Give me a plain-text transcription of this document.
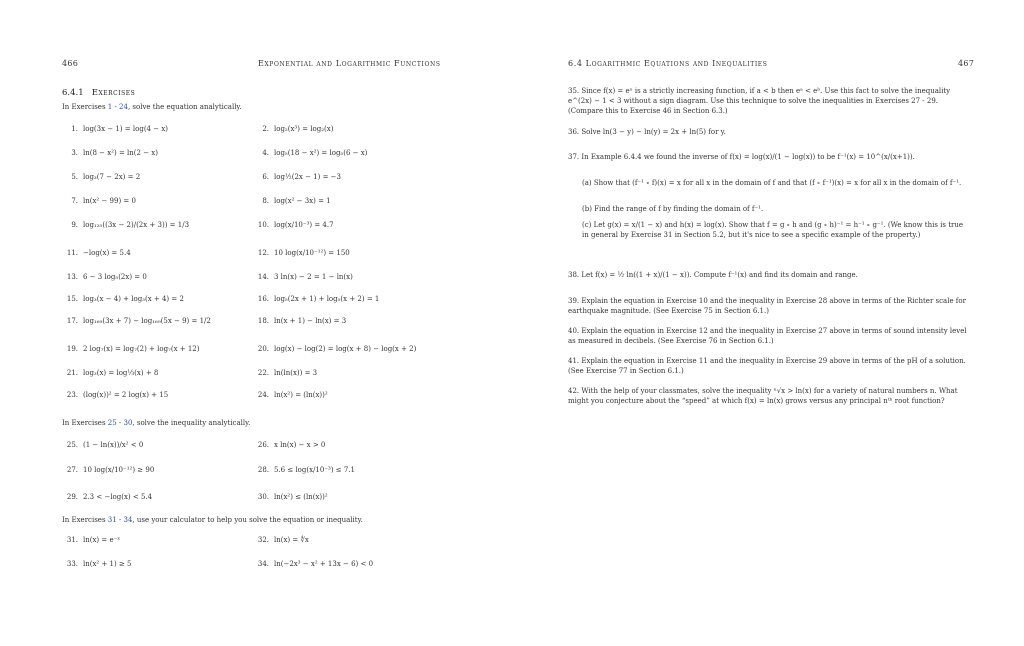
466	Exponential and Logarithmic Functions
6.4.1 Exercises
In Exercises 1 - 24, solve the equation analytically.
1. log(3x − 1) = log(4 − x)	2. log₂(x³) = log₂(x)
3. ln(8 − x²) = ln(2 − x)	4. log₅(18 − x²) = log₅(6 − x)
5. log₃(7 − 2x) = 2	6. log½(2x − 1) = −3
7. ln(x² − 99) = 0	8. log(x² − 3x) = 1
9. log₁₂₅((3x − 2)/(2x + 3)) = 1/3	10. log(x/10⁻³) = 4.7
11. −log(x) = 5.4	12. 10 log(x/10⁻¹²) = 150
13. 6 − 3 log₅(2x) = 0	14. 3 ln(x) − 2 = 1 − ln(x)
15. log₃(x − 4) + log₃(x + 4) = 2	16. log₅(2x + 1) + log₅(x + 2) = 1
17. log₁₆₉(3x + 7) − log₁₆₉(5x − 9) = 1/2	18. ln(x + 1) − ln(x) = 3
19. 2 log₇(x) = log₇(2) + log₇(x + 12)	20. log(x) − log(2) = log(x + 8) − log(x + 2)
21. log₃(x) = log⅓(x) + 8	22. ln(ln(x)) = 3
23. (log(x))² = 2 log(x) + 15	24. ln(x²) = (ln(x))²
In Exercises 25 - 30, solve the inequality analytically.
25. (1 − ln(x))/x² < 0	26. x ln(x) − x > 0
27. 10 log(x/10⁻¹²) ≥ 90	28. 5.6 ≤ log(x/10⁻³) ≤ 7.1
29. 2.3 < −log(x) < 5.4	30. ln(x²) ≤ (ln(x))²
In Exercises 31 - 34, use your calculator to help you solve the equation or inequality.
31. ln(x) = e⁻ˣ	32. ln(x) = ∜x
33. ln(x² + 1) ≥ 5	34. ln(−2x³ − x² + 13x − 6) < 0
6.4 Logarithmic Equations and Inequalities	467
35. Since f(x) = eˣ is a strictly increasing function, if a < b then eᵃ < eᵇ. Use this fact to solve the inequality e^(2x) − 1 < 3 without a sign diagram. Use this technique to solve the inequalities in Exercises 27 - 29. (Compare this to Exercise 46 in Section 6.3.)
36. Solve ln(3 − y) − ln(y) = 2x + ln(5) for y.
37. In Example 6.4.4 we found the inverse of f(x) = log(x)/(1 − log(x)) to be f⁻¹(x) = 10^(x/(x+1)).
(a) Show that (f⁻¹ ∘ f)(x) = x for all x in the domain of f and that (f ∘ f⁻¹)(x) = x for all x in the domain of f⁻¹.
(b) Find the range of f by finding the domain of f⁻¹.
(c) Let g(x) = x/(1 − x) and h(x) = log(x). Show that f = g ∘ h and (g ∘ h)⁻¹ = h⁻¹ ∘ g⁻¹. (We know this is true in general by Exercise 31 in Section 5.2, but it's nice to see a specific example of the property.)
38. Let f(x) = ½ ln((1 + x)/(1 − x)). Compute f⁻¹(x) and find its domain and range.
39. Explain the equation in Exercise 10 and the inequality in Exercise 28 above in terms of the Richter scale for earthquake magnitude. (See Exercise 75 in Section 6.1.)
40. Explain the equation in Exercise 12 and the inequality in Exercise 27 above in terms of sound intensity level as measured in decibels. (See Exercise 76 in Section 6.1.)
41. Explain the equation in Exercise 11 and the inequality in Exercise 29 above in terms of the pH of a solution. (See Exercise 77 in Section 6.1.)
42. With the help of your classmates, solve the inequality ⁿ√x > ln(x) for a variety of natural numbers n. What might you conjecture about the “speed” at which f(x) = ln(x) grows versus any principal nᵗʰ root function?
